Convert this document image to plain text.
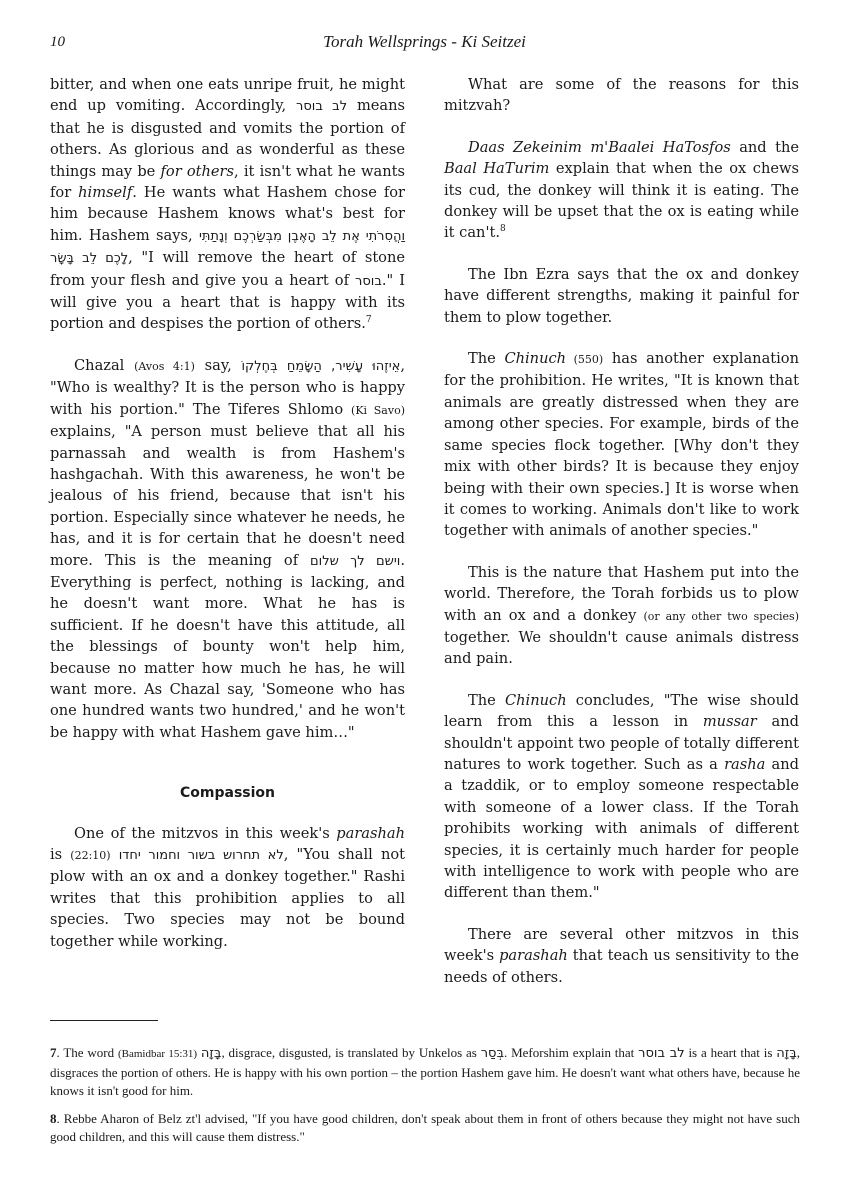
10	Torah Wellsprings - Ki Seitzei

bitter, and when one eats unripe fruit, he might end up vomiting. Accordingly, לב בוסר means that he is disgusted and vomits the portion of others. As glorious and as wonderful as these things may be for others, it isn't what he wants for himself. He wants what Hashem chose for him because Hashem knows what's best for him. Hashem says, וַהֲסִרֹתִי אֶת לֵב הָאֶבֶן מִבְּשַׂרְכֶם וְנָתַתִּי לָכֶם לֵב בָּשָׂר, "I will remove the heart of stone from your flesh and give you a heart of בוסר." I will give you a heart that is happy with its portion and despises the portion of others.$^7$

Chazal (Avos 4:1) say, אֵיזֶהוּ עָשִׁיר, הַשָּׂמֵחַ בְּחֶלְקוֹ, "Who is wealthy? It is the person who is happy with his portion." The Tiferes Shlomo (Ki Savo) explains, "A person must believe that all his parnassah and wealth is from Hashem's hashgachah. With this awareness, he won't be jealous of his friend, because that isn't his portion. Especially since whatever he needs, he has, and it is for certain that he doesn't need more. This is the meaning of וישם לך שלום. Everything is perfect, nothing is lacking, and he doesn't want more. What he has is sufficient. If he doesn't have this attitude, all the blessings of bounty won't help him, because no matter how much he has, he will want more. As Chazal say, 'Someone who has one hundred wants two hundred,' and he won't be happy with what Hashem gave him…"

Compassion

One of the mitzvos in this week's parashah is (22:10) לא תחרוש בשור וחמור יחדו, "You shall not plow with an ox and a donkey together." Rashi writes that this prohibition applies to all species. Two species may not be bound together while working.

What are some of the reasons for this mitzvah?

Daas Zekeinim m'Baalei HaTosfos and the Baal HaTurim explain that when the ox chews its cud, the donkey will think it is eating. The donkey will be upset that the ox is eating while it can't.$^8$

The Ibn Ezra says that the ox and donkey have different strengths, making it painful for them to plow together.

The Chinuch (550) has another explanation for the prohibition. He writes, "It is known that animals are greatly distressed when they are among other species. For example, birds of the same species flock together. [Why don't they mix with other birds? It is because they enjoy being with their own species.] It is worse when it comes to working. Animals don't like to work together with animals of another species."

This is the nature that Hashem put into the world. Therefore, the Torah forbids us to plow with an ox and a donkey (or any other two species) together. We shouldn't cause animals distress and pain.

The Chinuch concludes, "The wise should learn from this a lesson in mussar and shouldn't appoint two people of totally different natures to work together. Such as a rasha and a tzaddik, or to employ someone respectable with someone of a lower class. If the Torah prohibits working with animals of different species, it is certainly much harder for people with intelligence to work with people who are different than them."

There are several other mitzvos in this week's parashah that teach us sensitivity to the needs of others.

7. The word (Bamidbar 15:31) בָּזָה, disgrace, disgusted, is translated by Unkelos as בְּסַר. Meforshim explain that לב בוסר is a heart that is בָּזָה, disgraces the portion of others. He is happy with his own portion – the portion Hashem gave him. He doesn't want what others have, because he knows it isn't good for him.

8. Rebbe Aharon of Belz zt'l advised, "If you have good children, don't speak about them in front of others because they might not have such good children, and this will cause them distress."
